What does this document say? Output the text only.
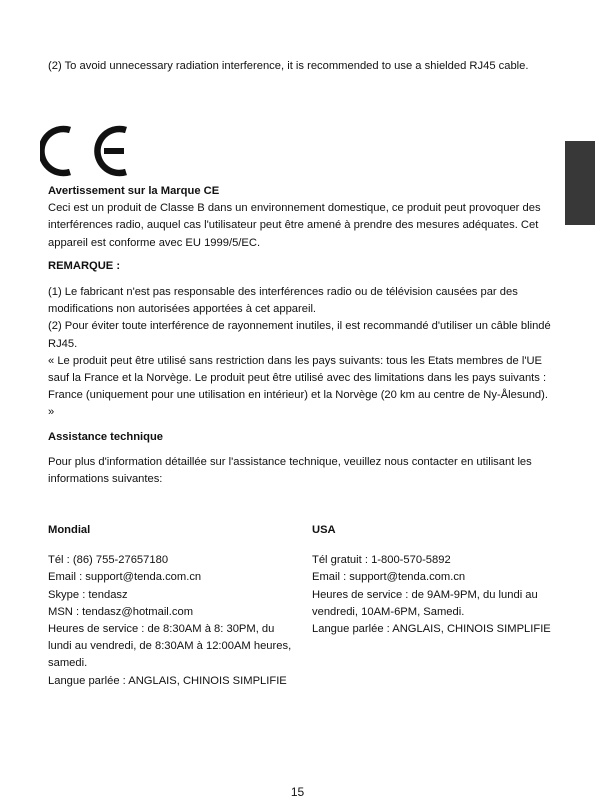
(2) To avoid unnecessary radiation interference, it is recommended to use a shielded RJ45 cable.

Avertissement sur la Marque CE

Ceci est un produit de Classe B dans un environnement domestique, ce produit peut provoquer des interférences radio, auquel cas l'utilisateur peut être amené à prendre des mesures adéquates. Cet appareil est conforme avec EU 1999/5/EC.

REMARQUE :

(1) Le fabricant n'est pas responsable des interférences radio ou de télévision causées par des modifications non autorisées apportées à cet appareil.

(2) Pour éviter toute interférence de rayonnement inutiles, il est recommandé d'utiliser un câble blindé RJ45.

« Le produit peut être utilisé sans restriction dans les pays suivants: tous les Etats membres de l'UE sauf la France et la Norvège. Le produit peut être utilisé avec des limitations dans les pays suivants : France (uniquement pour une utilisation en intérieur) et la Norvège (20 km au centre de Ny-Ålesund). »

Assistance technique

Pour plus d'information détaillée sur l'assistance technique, veuillez nous contacter en utilisant les informations suivantes:

Mondial

Tél : (86) 755-27657180

Email : support@tenda.com.cn

Skype : tendasz

MSN : tendasz@hotmail.com

Heures de service : de 8:30AM à 8: 30PM, du lundi au vendredi, de 8:30AM à 12:00AM heures, samedi.

Langue parlée : ANGLAIS, CHINOIS SIMPLIFIE

USA

Tél gratuit : 1-800-570-5892

Email : support@tenda.com.cn

Heures de service : de 9AM-9PM, du lundi au vendredi, 10AM-6PM, Samedi.

Langue parlée : ANGLAIS, CHINOIS SIMPLIFIE

15
